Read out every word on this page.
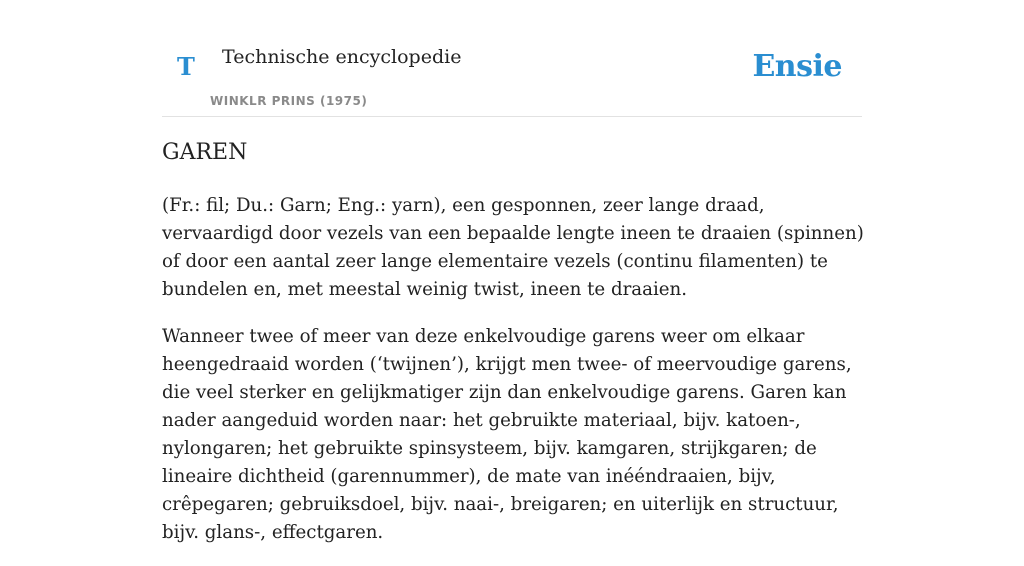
T Technische encyclopedie
WINKLR PRINS (1975)
Ensie
GAREN

(Fr.: fil; Du.: Garn; Eng.: yarn), een gesponnen, zeer lange draad, vervaardigd door vezels van een bepaalde lengte ineen te draaien (spinnen) of door een aantal zeer lange elementaire vezels (continu filamenten) te bundelen en, met meestal weinig twist, ineen te draaien.

Wanneer twee of meer van deze enkelvoudige garens weer om elkaar heengedraaid worden (‘twijnen’), krijgt men twee- of meervoudige garens, die veel sterker en gelijkmatiger zijn dan enkelvoudige garens. Garen kan nader aangeduid worden naar: het gebruikte materiaal, bijv. katoen-, nylongaren; het gebruikte spinsysteem, bijv. kamgaren, strijkgaren; de lineaire dichtheid (garennummer), de mate van inééndraaien, bijv, crêpegaren; gebruiksdoel, bijv. naai-, breigaren; en uiterlijk en structuur, bijv. glans-, effectgaren.
